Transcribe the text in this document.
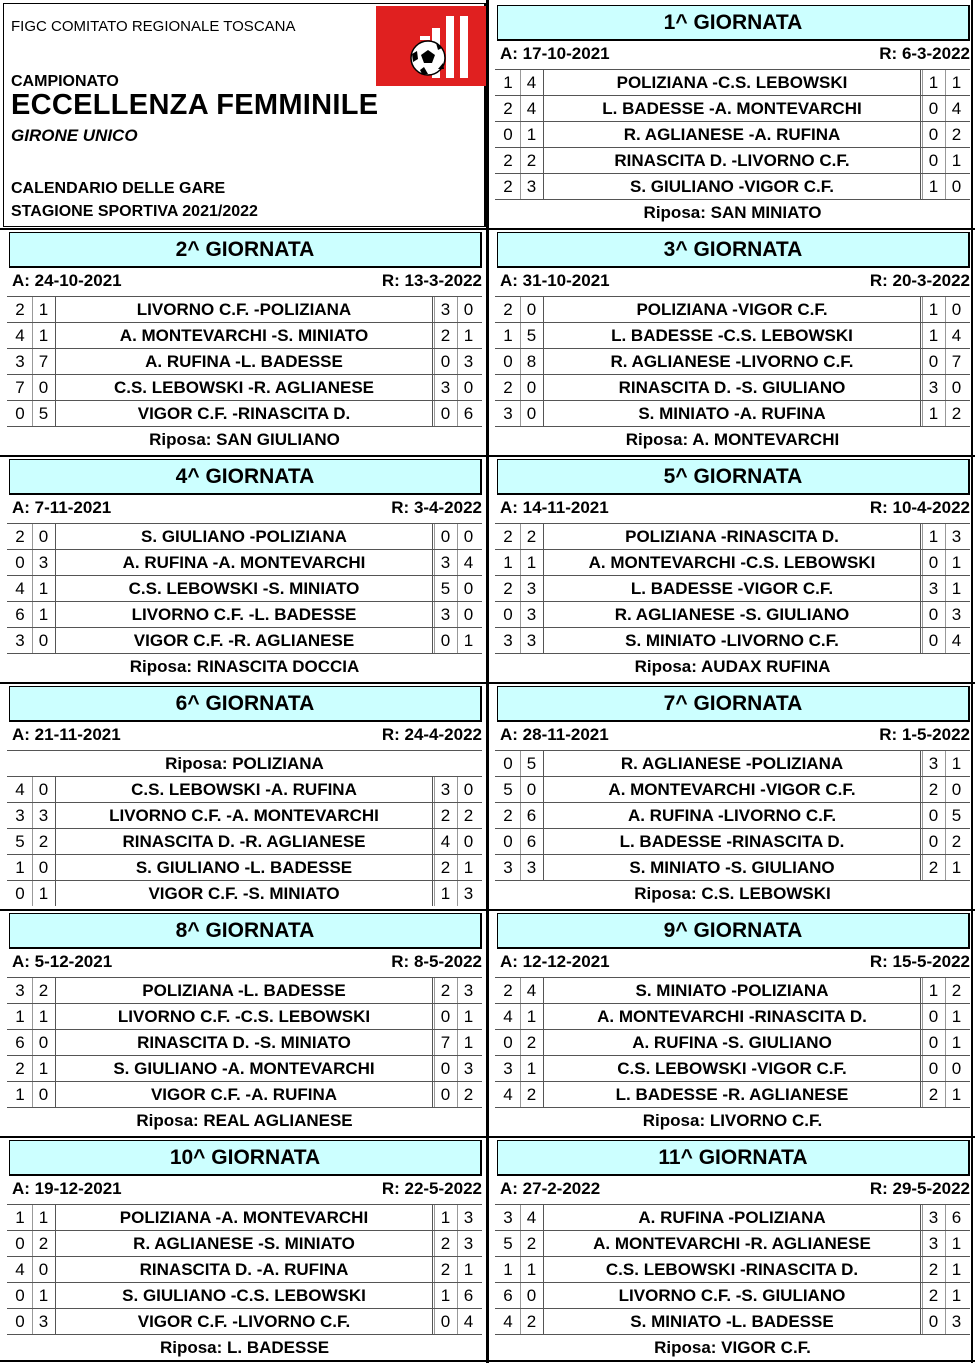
FIGC COMITATO REGIONALE TOSCANA
CAMPIONATO
ECCELLENZA FEMMINILE
GIRONE UNICO
CALENDARIO DELLE GARE
STAGIONE SPORTIVA 2021/2022
1^ GIORNATA
A: 17-10-2021	R: 6-3-2022
1 4	POLIZIANA -C.S. LEBOWSKI	1 1
2 4	L. BADESSE -A. MONTEVARCHI	0 4
0 1	R. AGLIANESE -A. RUFINA	0 2
2 2	RINASCITA D. -LIVORNO C.F.	0 1
2 3	S. GIULIANO -VIGOR C.F.	1 0
Riposa: SAN MINIATO
2^ GIORNATA
A: 24-10-2021	R: 13-3-2022
2 1	LIVORNO C.F. -POLIZIANA	3 0
4 1	A. MONTEVARCHI -S. MINIATO	2 1
3 7	A. RUFINA -L. BADESSE	0 3
7 0	C.S. LEBOWSKI -R. AGLIANESE	3 0
0 5	VIGOR C.F. -RINASCITA D.	0 6
Riposa: SAN GIULIANO
3^ GIORNATA
A: 31-10-2021	R: 20-3-2022
2 0	POLIZIANA -VIGOR C.F.	1 0
1 5	L. BADESSE -C.S. LEBOWSKI	1 4
0 8	R. AGLIANESE -LIVORNO C.F.	0 7
2 0	RINASCITA D. -S. GIULIANO	3 0
3 0	S. MINIATO -A. RUFINA	1 2
Riposa: A. MONTEVARCHI
4^ GIORNATA
A: 7-11-2021	R: 3-4-2022
2 0	S. GIULIANO -POLIZIANA	0 0
0 3	A. RUFINA -A. MONTEVARCHI	3 4
4 1	C.S. LEBOWSKI -S. MINIATO	5 0
6 1	LIVORNO C.F. -L. BADESSE	3 0
3 0	VIGOR C.F. -R. AGLIANESE	0 1
Riposa: RINASCITA DOCCIA
5^ GIORNATA
A: 14-11-2021	R: 10-4-2022
2 2	POLIZIANA -RINASCITA D.	1 3
1 1	A. MONTEVARCHI -C.S. LEBOWSKI	0 1
2 3	L. BADESSE -VIGOR C.F.	3 1
0 3	R. AGLIANESE -S. GIULIANO	0 3
3 3	S. MINIATO -LIVORNO C.F.	0 4
Riposa: AUDAX RUFINA
6^ GIORNATA
A: 21-11-2021	R: 24-4-2022
Riposa: POLIZIANA
4 0	C.S. LEBOWSKI -A. RUFINA	3 0
3 3	LIVORNO C.F. -A. MONTEVARCHI	2 2
5 2	RINASCITA D. -R. AGLIANESE	4 0
1 0	S. GIULIANO -L. BADESSE	2 1
0 1	VIGOR C.F. -S. MINIATO	1 3
7^ GIORNATA
A: 28-11-2021	R: 1-5-2022
0 5	R. AGLIANESE -POLIZIANA	3 1
5 0	A. MONTEVARCHI -VIGOR C.F.	2 0
2 6	A. RUFINA -LIVORNO C.F.	0 5
0 6	L. BADESSE -RINASCITA D.	0 2
3 3	S. MINIATO -S. GIULIANO	2 1
Riposa: C.S. LEBOWSKI
8^ GIORNATA
A: 5-12-2021	R: 8-5-2022
3 2	POLIZIANA -L. BADESSE	2 3
1 1	LIVORNO C.F. -C.S. LEBOWSKI	0 1
6 0	RINASCITA D. -S. MINIATO	7 1
2 1	S. GIULIANO -A. MONTEVARCHI	0 3
1 0	VIGOR C.F. -A. RUFINA	0 2
Riposa: REAL AGLIANESE
9^ GIORNATA
A: 12-12-2021	R: 15-5-2022
2 4	S. MINIATO -POLIZIANA	1 2
4 1	A. MONTEVARCHI -RINASCITA D.	0 1
0 2	A. RUFINA -S. GIULIANO	0 1
3 1	C.S. LEBOWSKI -VIGOR C.F.	0 0
4 2	L. BADESSE -R. AGLIANESE	2 1
Riposa: LIVORNO C.F.
10^ GIORNATA
A: 19-12-2021	R: 22-5-2022
1 1	POLIZIANA -A. MONTEVARCHI	1 3
0 2	R. AGLIANESE -S. MINIATO	2 3
4 0	RINASCITA D. -A. RUFINA	2 1
0 1	S. GIULIANO -C.S. LEBOWSKI	1 6
0 3	VIGOR C.F. -LIVORNO C.F.	0 4
Riposa: L. BADESSE
11^ GIORNATA
A: 27-2-2022	R: 29-5-2022
3 4	A. RUFINA -POLIZIANA	3 6
5 2	A. MONTEVARCHI -R. AGLIANESE	3 1
1 1	C.S. LEBOWSKI -RINASCITA D.	2 1
6 0	LIVORNO C.F. -S. GIULIANO	2 1
4 2	S. MINIATO -L. BADESSE	0 3
Riposa: VIGOR C.F.
